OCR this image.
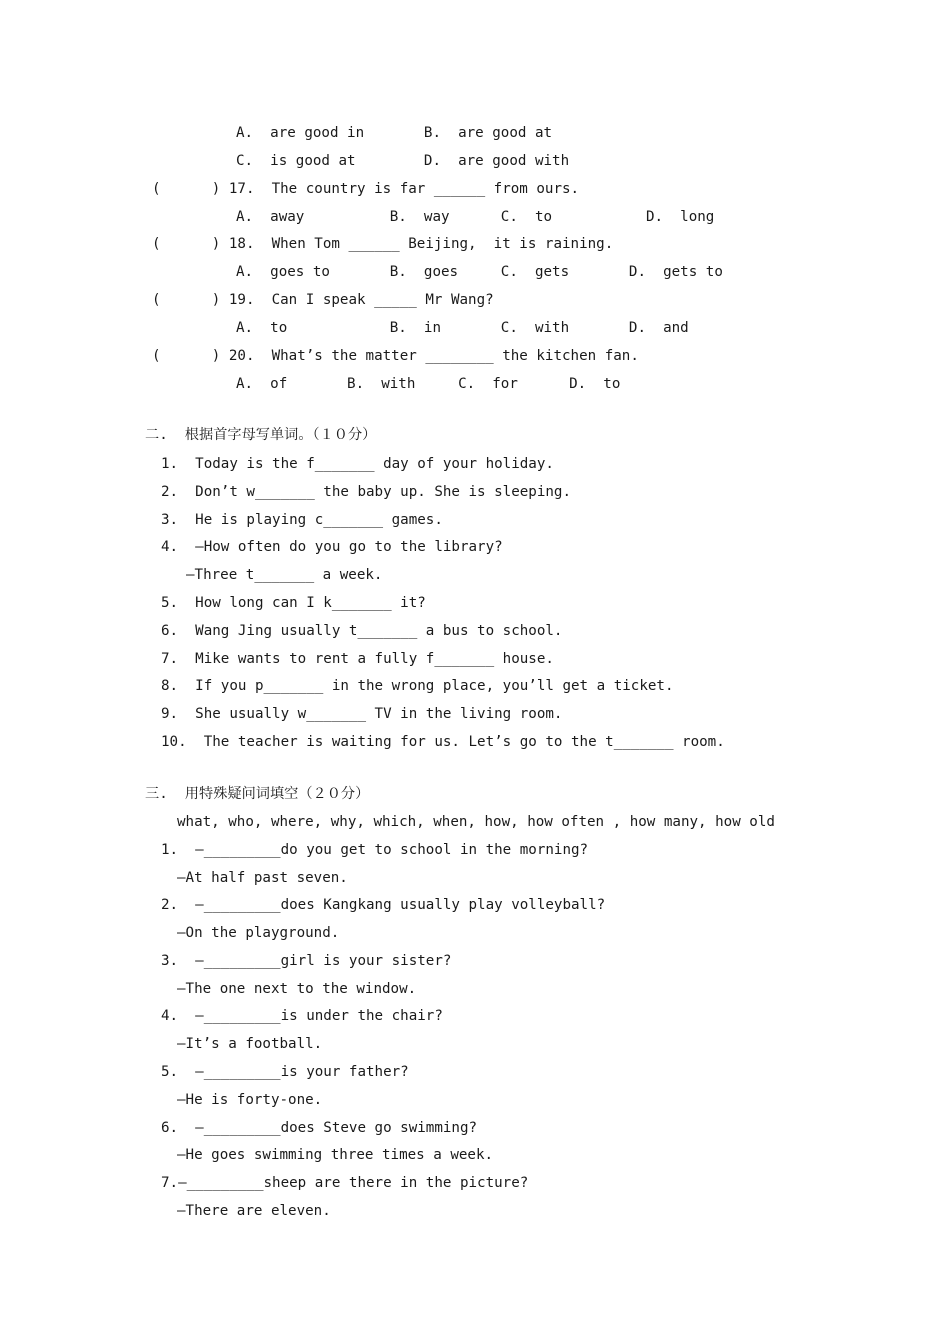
A.  are good in       B.  are good at
C.  is good at        D.  are good with
(      ) 17.  The country is far ______ from ours.
A.  away          B.  way      C.  to           D.  long
(      ) 18.  When Tom ______ Beijing,  it is raining.
A.  goes to       B.  goes     C.  gets       D.  gets to
(      ) 19.  Can I speak _____ Mr Wang?
A.  to            B.  in       C.  with       D.  and
(      ) 20.  What’s the matter ________ the kitchen fan.
A.  of       B.  with     C.  for      D.  to
二.  根据首字母写单词。（１０分）
1.  Today is the f_______ day of your holiday.
2.  Don’t w_______ the baby up. She is sleeping.
3.  He is playing c_______ games.
4.  —How often do you go to the library?
—Three t_______ a week.
5.  How long can I k_______ it?
6.  Wang Jing usually t_______ a bus to school.
7.  Mike wants to rent a fully f_______ house.
8.  If you p_______ in the wrong place, you’ll get a ticket.
9.  She usually w_______ TV in the living room.
10.  The teacher is waiting for us. Let’s go to the t_______ room.
三.  用特殊疑问词填空（２０分）
what, who, where, why, which, when, how, how often , how many, how old
1.  —_________do you get to school in the morning?
—At half past seven.
2.  —_________does Kangkang usually play volleyball?
—On the playground.
3.  —_________girl is your sister?
—The one next to the window.
4.  —_________is under the chair?
—It’s a football.
5.  —_________is your father?
—He is forty-one.
6.  —_________does Steve go swimming?
—He goes swimming three times a week.
7.—_________sheep are there in the picture?
—There are eleven.
